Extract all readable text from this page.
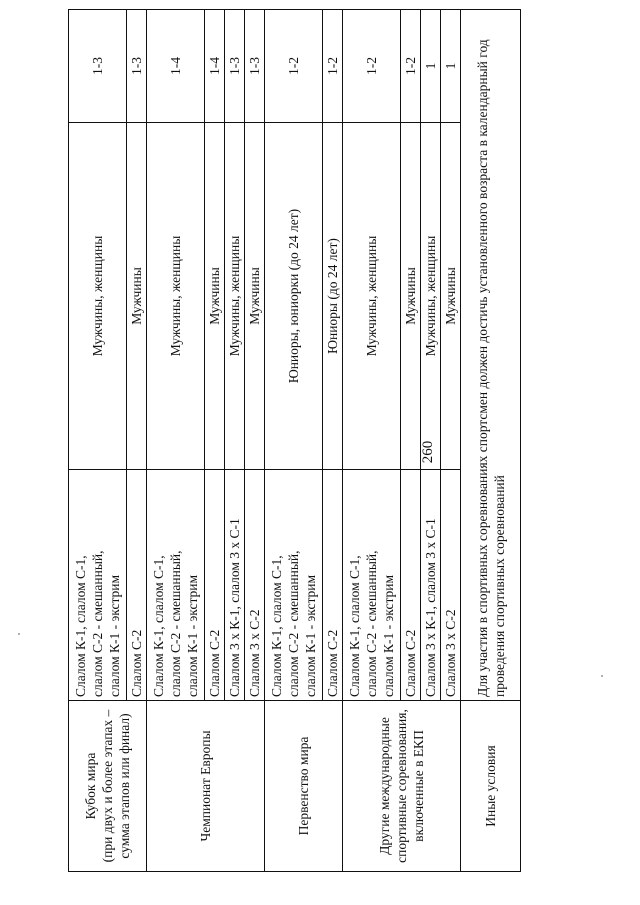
260
Кубок мира
(при двух и более этапах –
сумма этапов или финал)	Слалом К-1, слалом С-1,
слалом С-2 - смешанный,
слалом К-1 - экстрим	Мужчины, женщины	1-3
	Слалом С-2	Мужчины	1-3
Чемпионат Европы	Слалом К-1, слалом С-1,
слалом С-2 - смешанный,
слалом К-1 - экстрим	Мужчины, женщины	1-4
	Слалом С-2	Мужчины	1-4
	Слалом 3 х К-1, слалом 3 х С-1	Мужчины, женщины	1-3
	Слалом 3 х С-2	Мужчины	1-3
Первенство мира	Слалом К-1, слалом С-1,
слалом С-2 - смешанный,
слалом К-1 - экстрим	Юниоры, юниорки (до 24 лет)	1-2
	Слалом С-2	Юниоры (до 24 лет)	1-2
Другие международные
спортивные соревнования,
включенные в ЕКП	Слалом К-1, слалом С-1,
слалом С-2 - смешанный,
слалом К-1 - экстрим	Мужчины, женщины	1-2
	Слалом С-2	Мужчины	1-2
	Слалом 3 х К-1, слалом 3 х С-1	Мужчины, женщины	1
	Слалом 3 х С-2	Мужчины	1
Иные условия	Для участия в спортивных соревнованиях спортсмен должен достичь установленного возраста в календарный год проведения спортивных соревнований		
